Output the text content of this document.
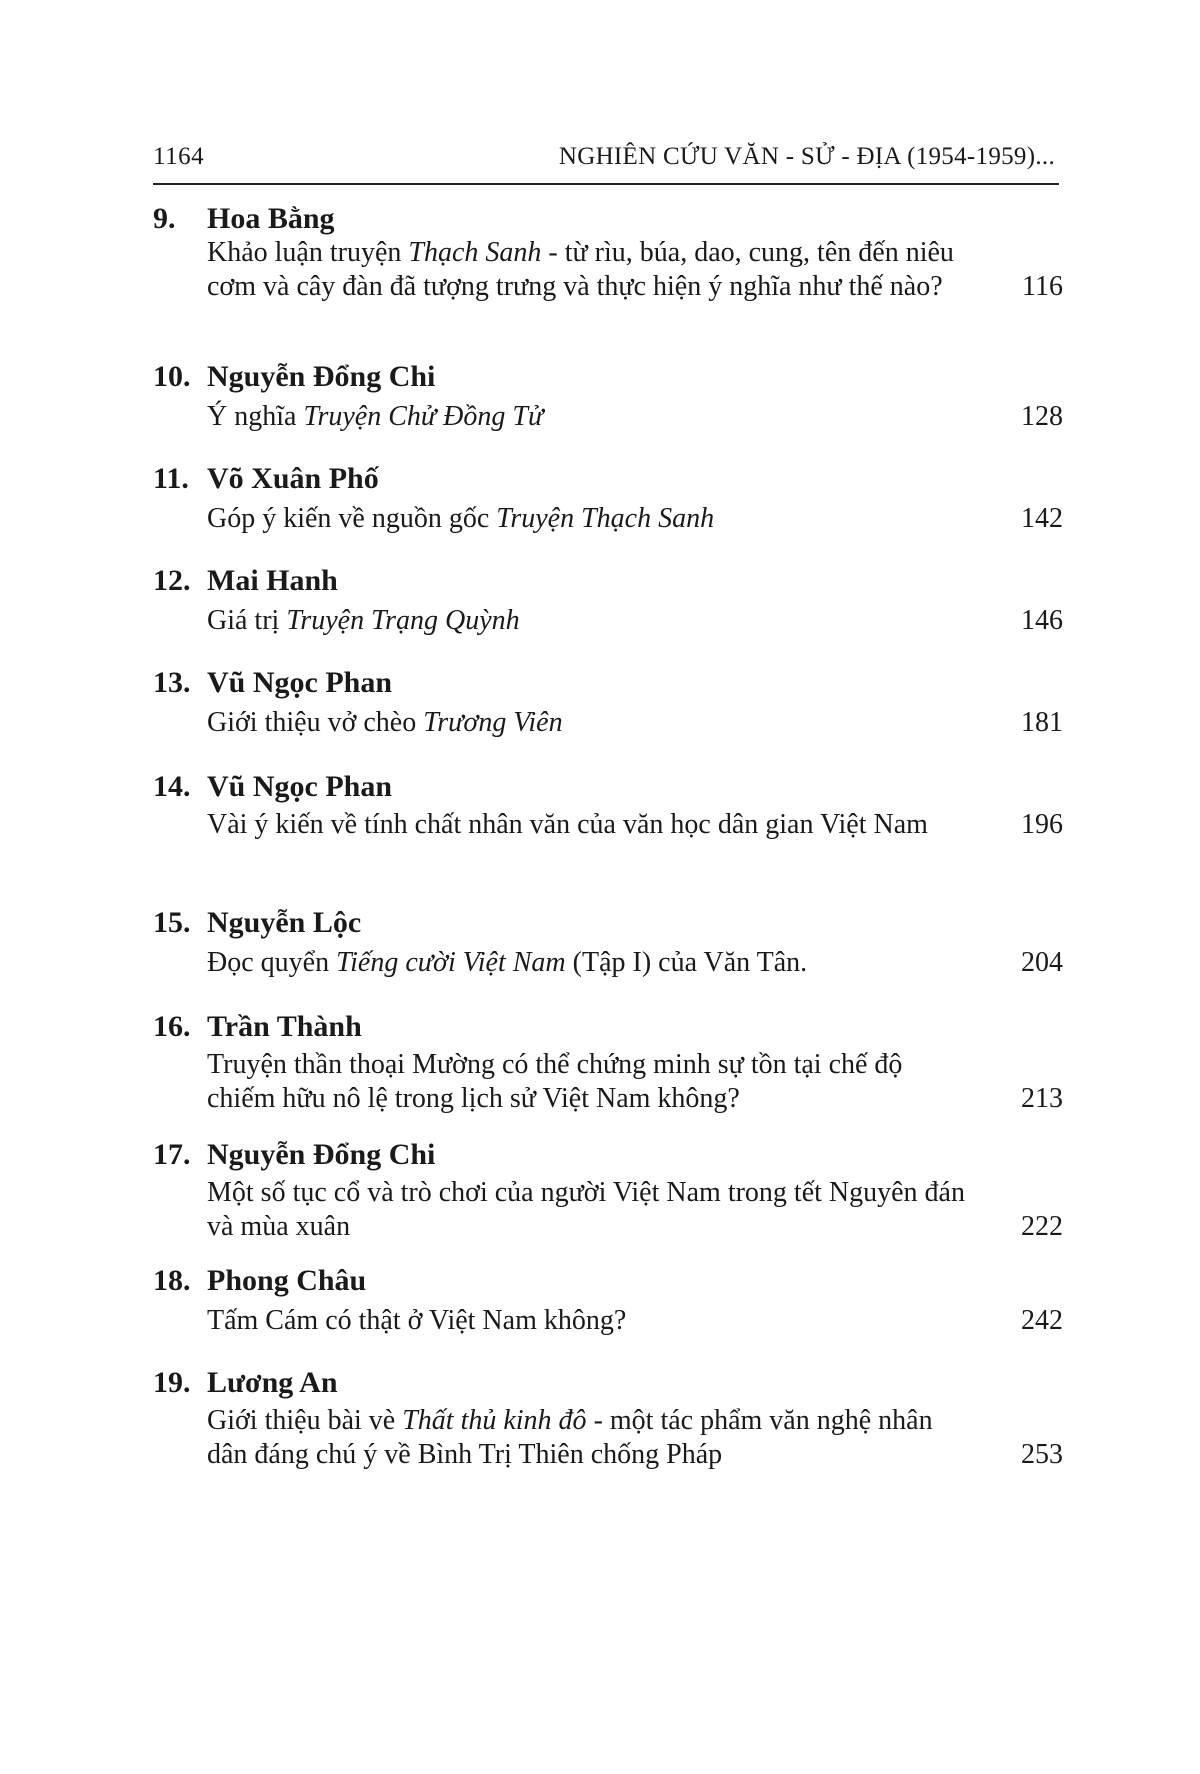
1164	NGHIÊN CỨU VĂN - SỬ - ĐỊA (1954-1959)...
9. Hoa Bằng
Khảo luận truyện Thạch Sanh - từ rìu, búa, dao, cung, tên đến niêu cơm và cây đàn đã tượng trưng và thực hiện ý nghĩa như thế nào?	116
10. Nguyễn Đổng Chi
Ý nghĩa Truyện Chử Đồng Tử	128
11. Võ Xuân Phố
Góp ý kiến về nguồn gốc Truyện Thạch Sanh	142
12. Mai Hanh
Giá trị Truyện Trạng Quỳnh	146
13. Vũ Ngọc Phan
Giới thiệu vở chèo Trương Viên	181
14. Vũ Ngọc Phan
Vài ý kiến về tính chất nhân văn của văn học dân gian Việt Nam	196
15. Nguyễn Lộc
Đọc quyển Tiếng cười Việt Nam (Tập I) của Văn Tân.	204
16. Trần Thành
Truyện thần thoại Mường có thể chứng minh sự tồn tại chế độ chiếm hữu nô lệ trong lịch sử Việt Nam không?	213
17. Nguyễn Đổng Chi
Một số tục cổ và trò chơi của người Việt Nam trong tết Nguyên đán và mùa xuân	222
18. Phong Châu
Tấm Cám có thật ở Việt Nam không?	242
19. Lương An
Giới thiệu bài vè Thất thủ kinh đô - một tác phẩm văn nghệ nhân dân đáng chú ý về Bình Trị Thiên chống Pháp	253
